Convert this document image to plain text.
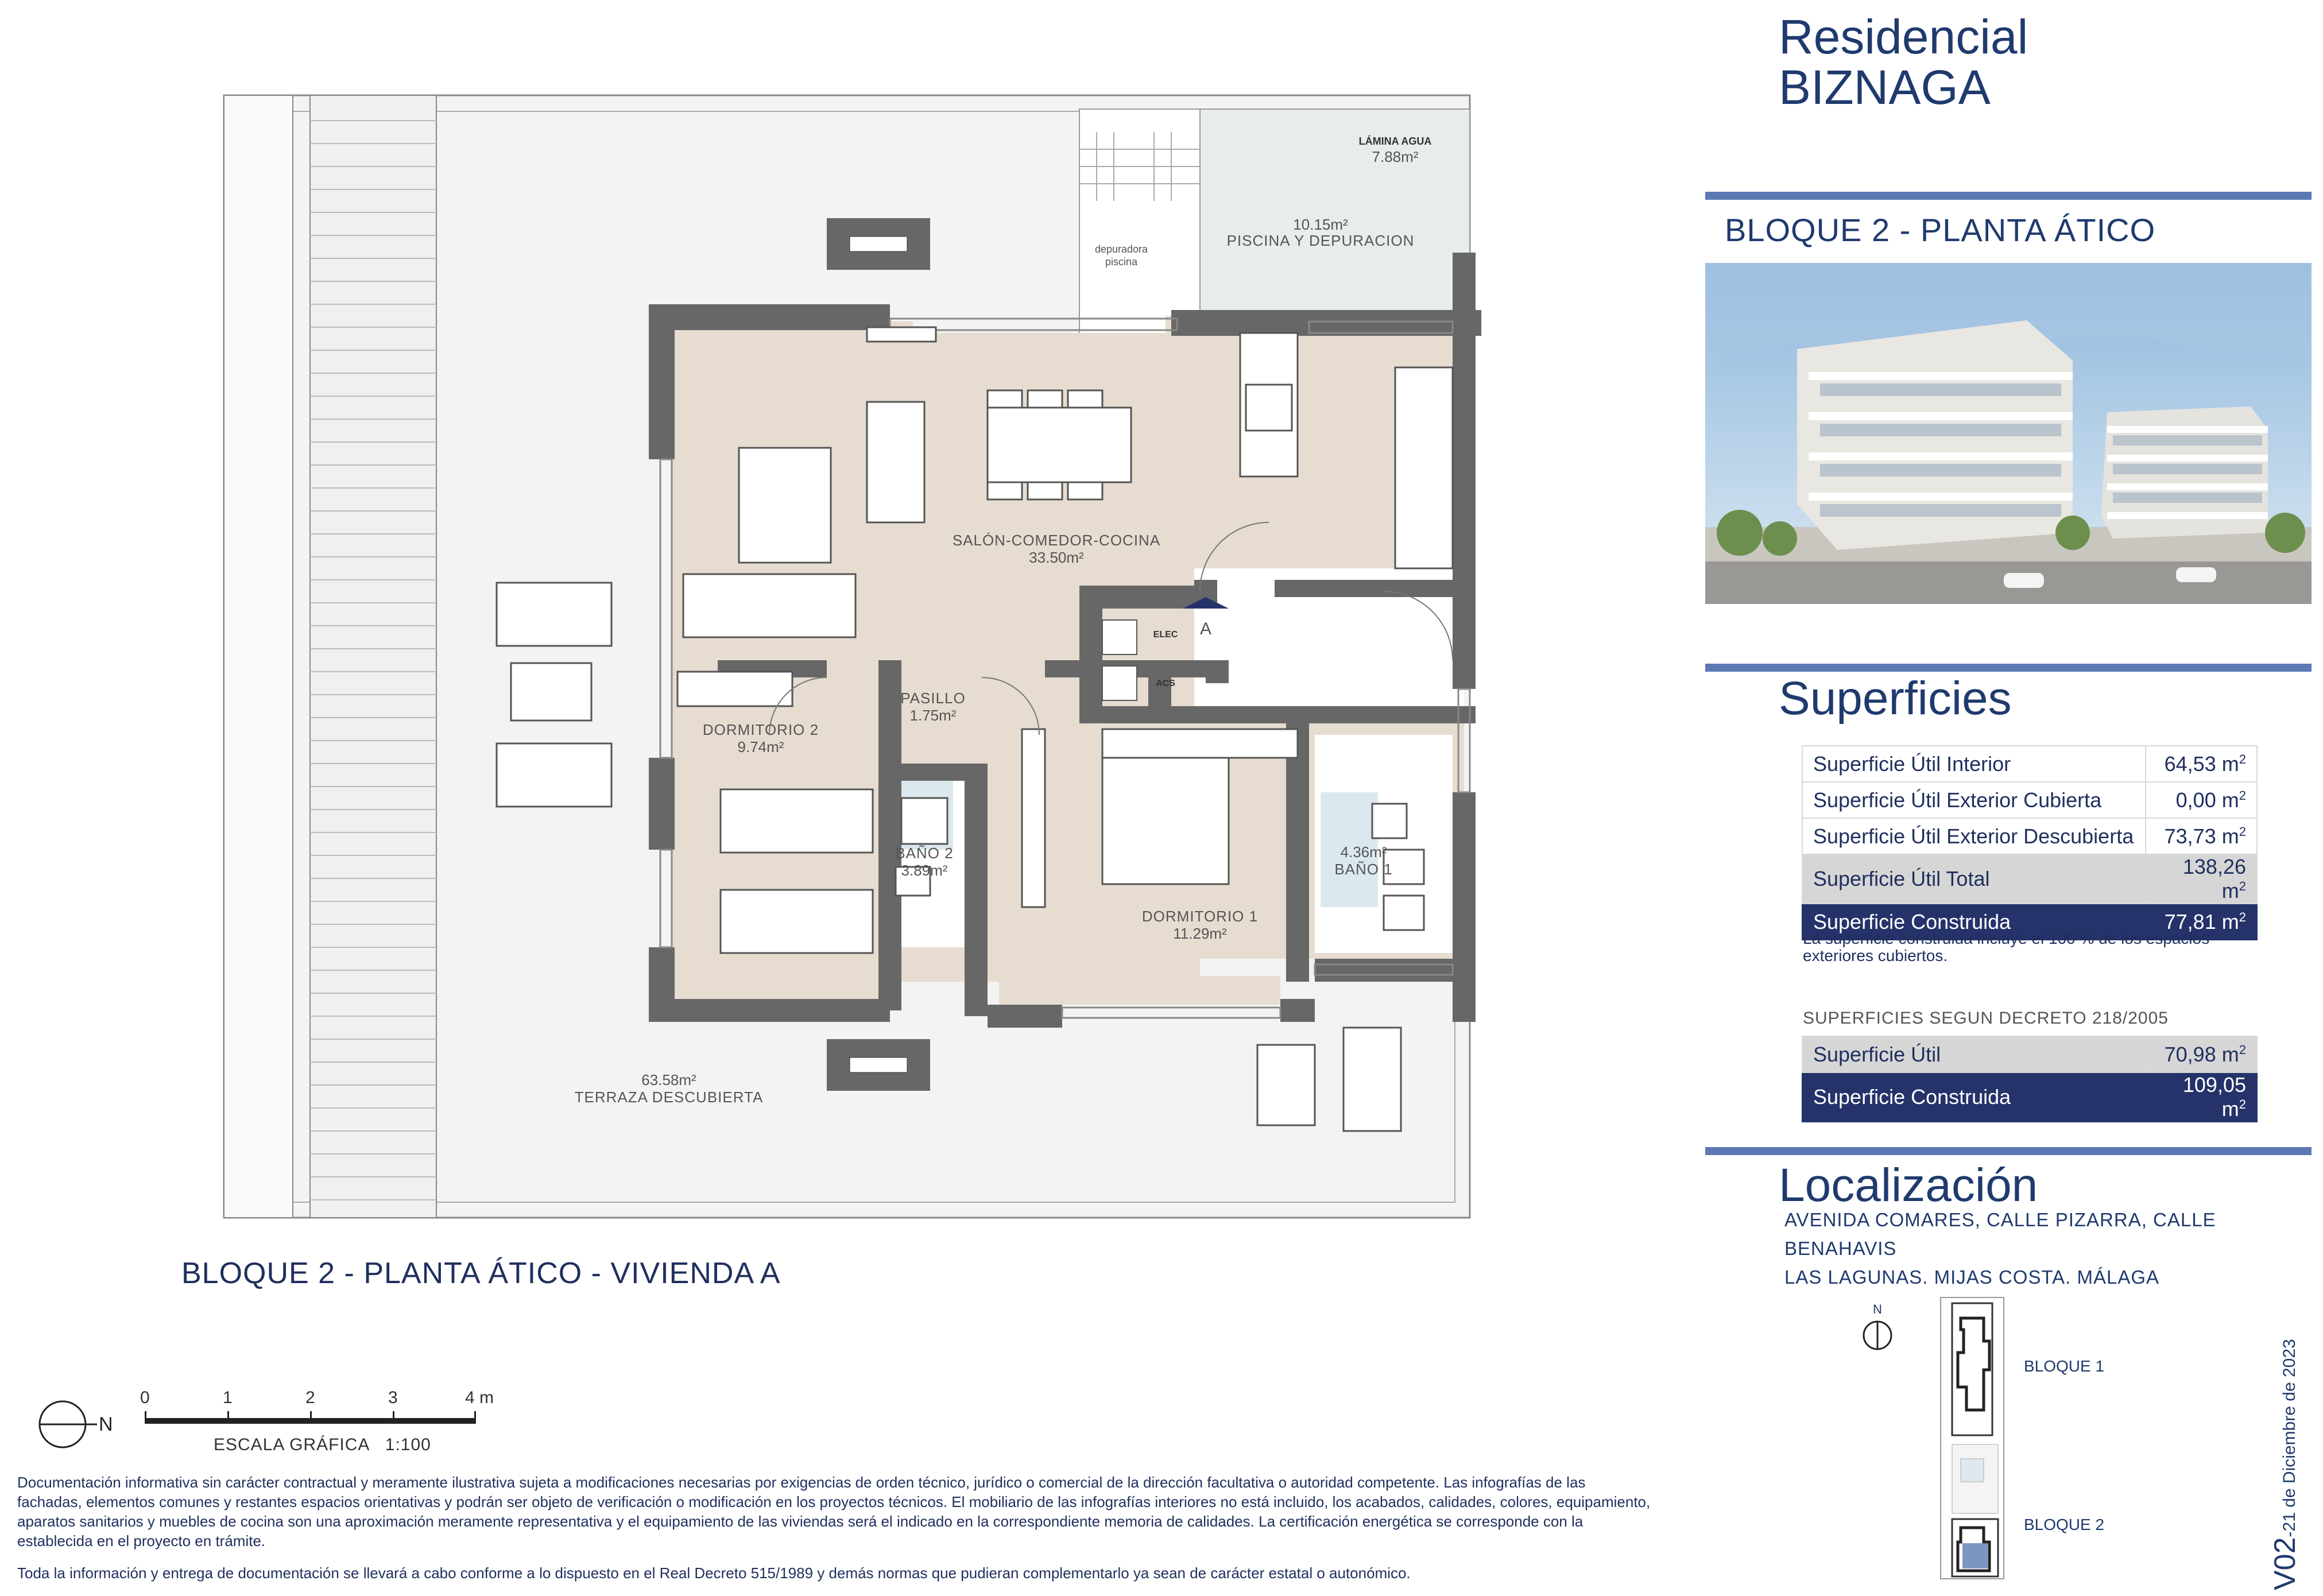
LÁMINA AGUA
7.88m²
10.15m²
PISCINA Y DEPURACION
depuradora
piscina
ELEC
ACS
A
SALÓN-COMEDOR-COCINA
33.50m²
PASILLO
1.75m²
DORMITORIO 2
9.74m²
BAÑO 2
3.89m²
DORMITORIO 1
11.29m²
4.36m²
BAÑO 1
63.58m²
TERRAZA DESCUBIERTA
BLOQUE 2 - PLANTA ÁTICO - VIVIENDA A
N
0	1	2	3	4 m
ESCALA GRÁFICA   1:100

Documentación informativa sin carácter contractual y meramente ilustrativa sujeta a modificaciones necesarias por exigencias de orden técnico, jurídico o comercial de la dirección facultativa o autoridad competente. Las infografías de las fachadas, elementos comunes y restantes espacios orientativas y podrán ser objeto de verificación o modificación en los proyectos técnicos. El mobiliario de las infografías interiores no está incluido, los acabados, calidades, colores, equipamiento, aparatos sanitarios y muebles de cocina son una aproximación meramente representativa y el equipamiento de las viviendas será el indicado en la correspondiente memoria de calidades. La certificación energética se corresponde con la establecida en el proyecto en trámite.

Toda la información y entrega de documentación se llevará a cabo conforme a lo dispuesto en el Real Decreto 515/1989 y demás normas que pudieran complementarlo ya sean de carácter estatal o autonómico.

Residencial
BIZNAGA
BLOQUE 2 - PLANTA ÁTICO
Superficies
Superficie Útil Interior	64,53 $m^2$
Superficie Útil Exterior Cubierta	0,00 $m^2$
Superficie Útil Exterior Descubierta	73,73 $m^2$
Superficie Útil Total	138,26 $m^2$
Superficie Construida	77,81 $m^2$
La superficie construida incluye el 100 % de los espacios exteriores cubiertos.
SUPERFICIES SEGUN DECRETO 218/2005
Superficie Útil	70,98 $m^2$
Superficie Construida	109,05 $m^2$
Localización
AVENIDA COMARES, CALLE PIZARRA, CALLE BENAHAVIS
LAS LAGUNAS. MIJAS COSTA. MÁLAGA
N
BLOQUE 1
BLOQUE 2
V02-21 de Diciembre de 2023
